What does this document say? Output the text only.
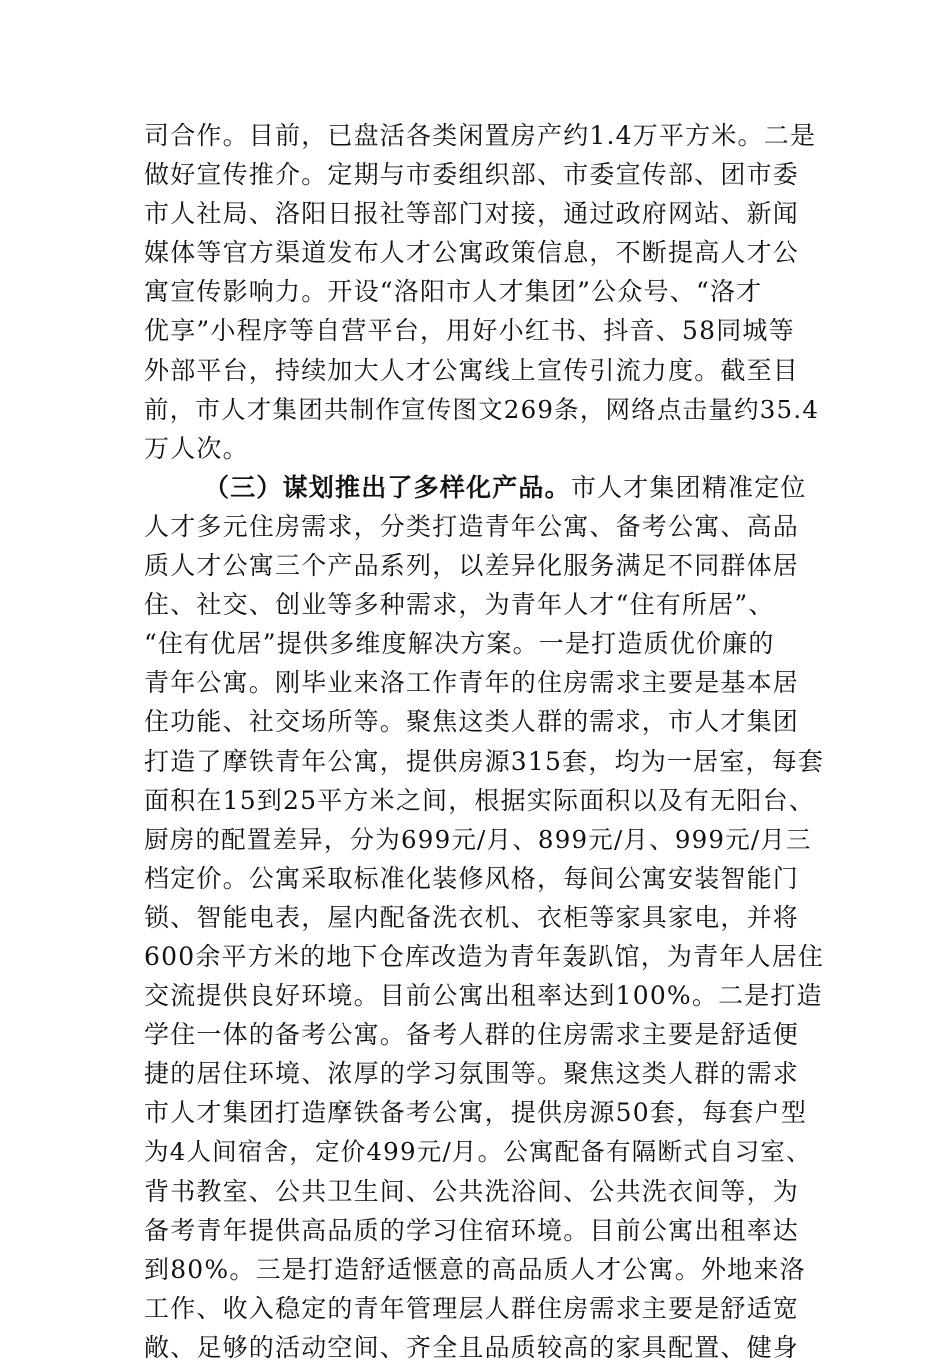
司合作。目前，已盘活各类闲置房产约1.4万平方米。二是
做好宣传推介。定期与市委组织部、市委宣传部、团市委
市人社局、洛阳日报社等部门对接，通过政府网站、新闻
媒体等官方渠道发布人才公寓政策信息，不断提高人才公
寓宣传影响力。开设“洛阳市人才集团”公众号、“洛才
优享”小程序等自营平台，用好小红书、抖音、58同城等
外部平台，持续加大人才公寓线上宣传引流力度。截至目
前，市人才集团共制作宣传图文269条，网络点击量约35.4
万人次。
（三）谋划推出了多样化产品。市人才集团精准定位
人才多元住房需求，分类打造青年公寓、备考公寓、高品
质人才公寓三个产品系列，以差异化服务满足不同群体居
住、社交、创业等多种需求，为青年人才“住有所居”、
“住有优居”提供多维度解决方案。一是打造质优价廉的
青年公寓。刚毕业来洛工作青年的住房需求主要是基本居
住功能、社交场所等。聚焦这类人群的需求，市人才集团
打造了摩铁青年公寓，提供房源315套，均为一居室，每套
面积在15到25平方米之间，根据实际面积以及有无阳台、
厨房的配置差异，分为699元/月、899元/月、999元/月三
档定价。公寓采取标准化装修风格，每间公寓安装智能门
锁、智能电表，屋内配备洗衣机、衣柜等家具家电，并将
600余平方米的地下仓库改造为青年轰趴馆，为青年人居住
交流提供良好环境。目前公寓出租率达到100%。二是打造
学住一体的备考公寓。备考人群的住房需求主要是舒适便
捷的居住环境、浓厚的学习氛围等。聚焦这类人群的需求
市人才集团打造摩铁备考公寓，提供房源50套，每套户型
为4人间宿舍，定价499元/月。公寓配备有隔断式自习室、
背书教室、公共卫生间、公共洗浴间、公共洗衣间等，为
备考青年提供高品质的学习住宿环境。目前公寓出租率达
到80%。三是打造舒适惬意的高品质人才公寓。外地来洛
工作、收入稳定的青年管理层人群住房需求主要是舒适宽
敞、足够的活动空间、齐全且品质较高的家具配置、健身
